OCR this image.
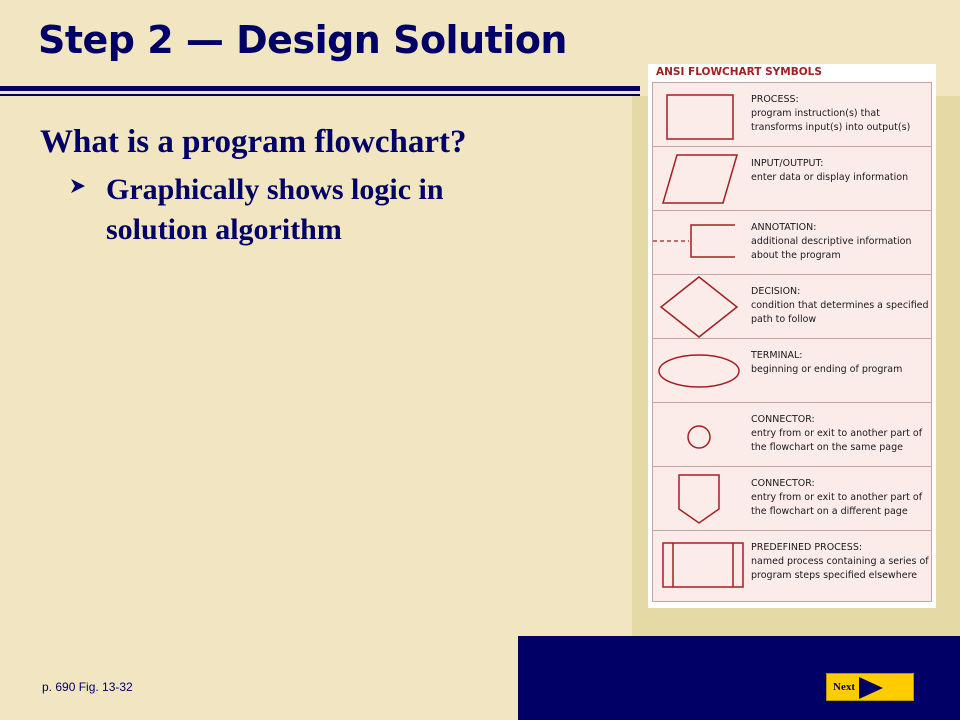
Step 2 — Design Solution
What is a program flowchart?
Graphically shows logic in solution algorithm
p. 690 Fig. 13-32	Next
ANSI FLOWCHART SYMBOLS
PROCESS:
program instruction(s) that transforms input(s) into output(s)
INPUT/OUTPUT:
enter data or display information
ANNOTATION:
additional descriptive information about the program
DECISION:
condition that determines a specified path to follow
TERMINAL:
beginning or ending of program
CONNECTOR:
entry from or exit to another part of the flowchart on the same page
CONNECTOR:
entry from or exit to another part of the flowchart on a different page
PREDEFINED PROCESS:
named process containing a series of program steps specified elsewhere
